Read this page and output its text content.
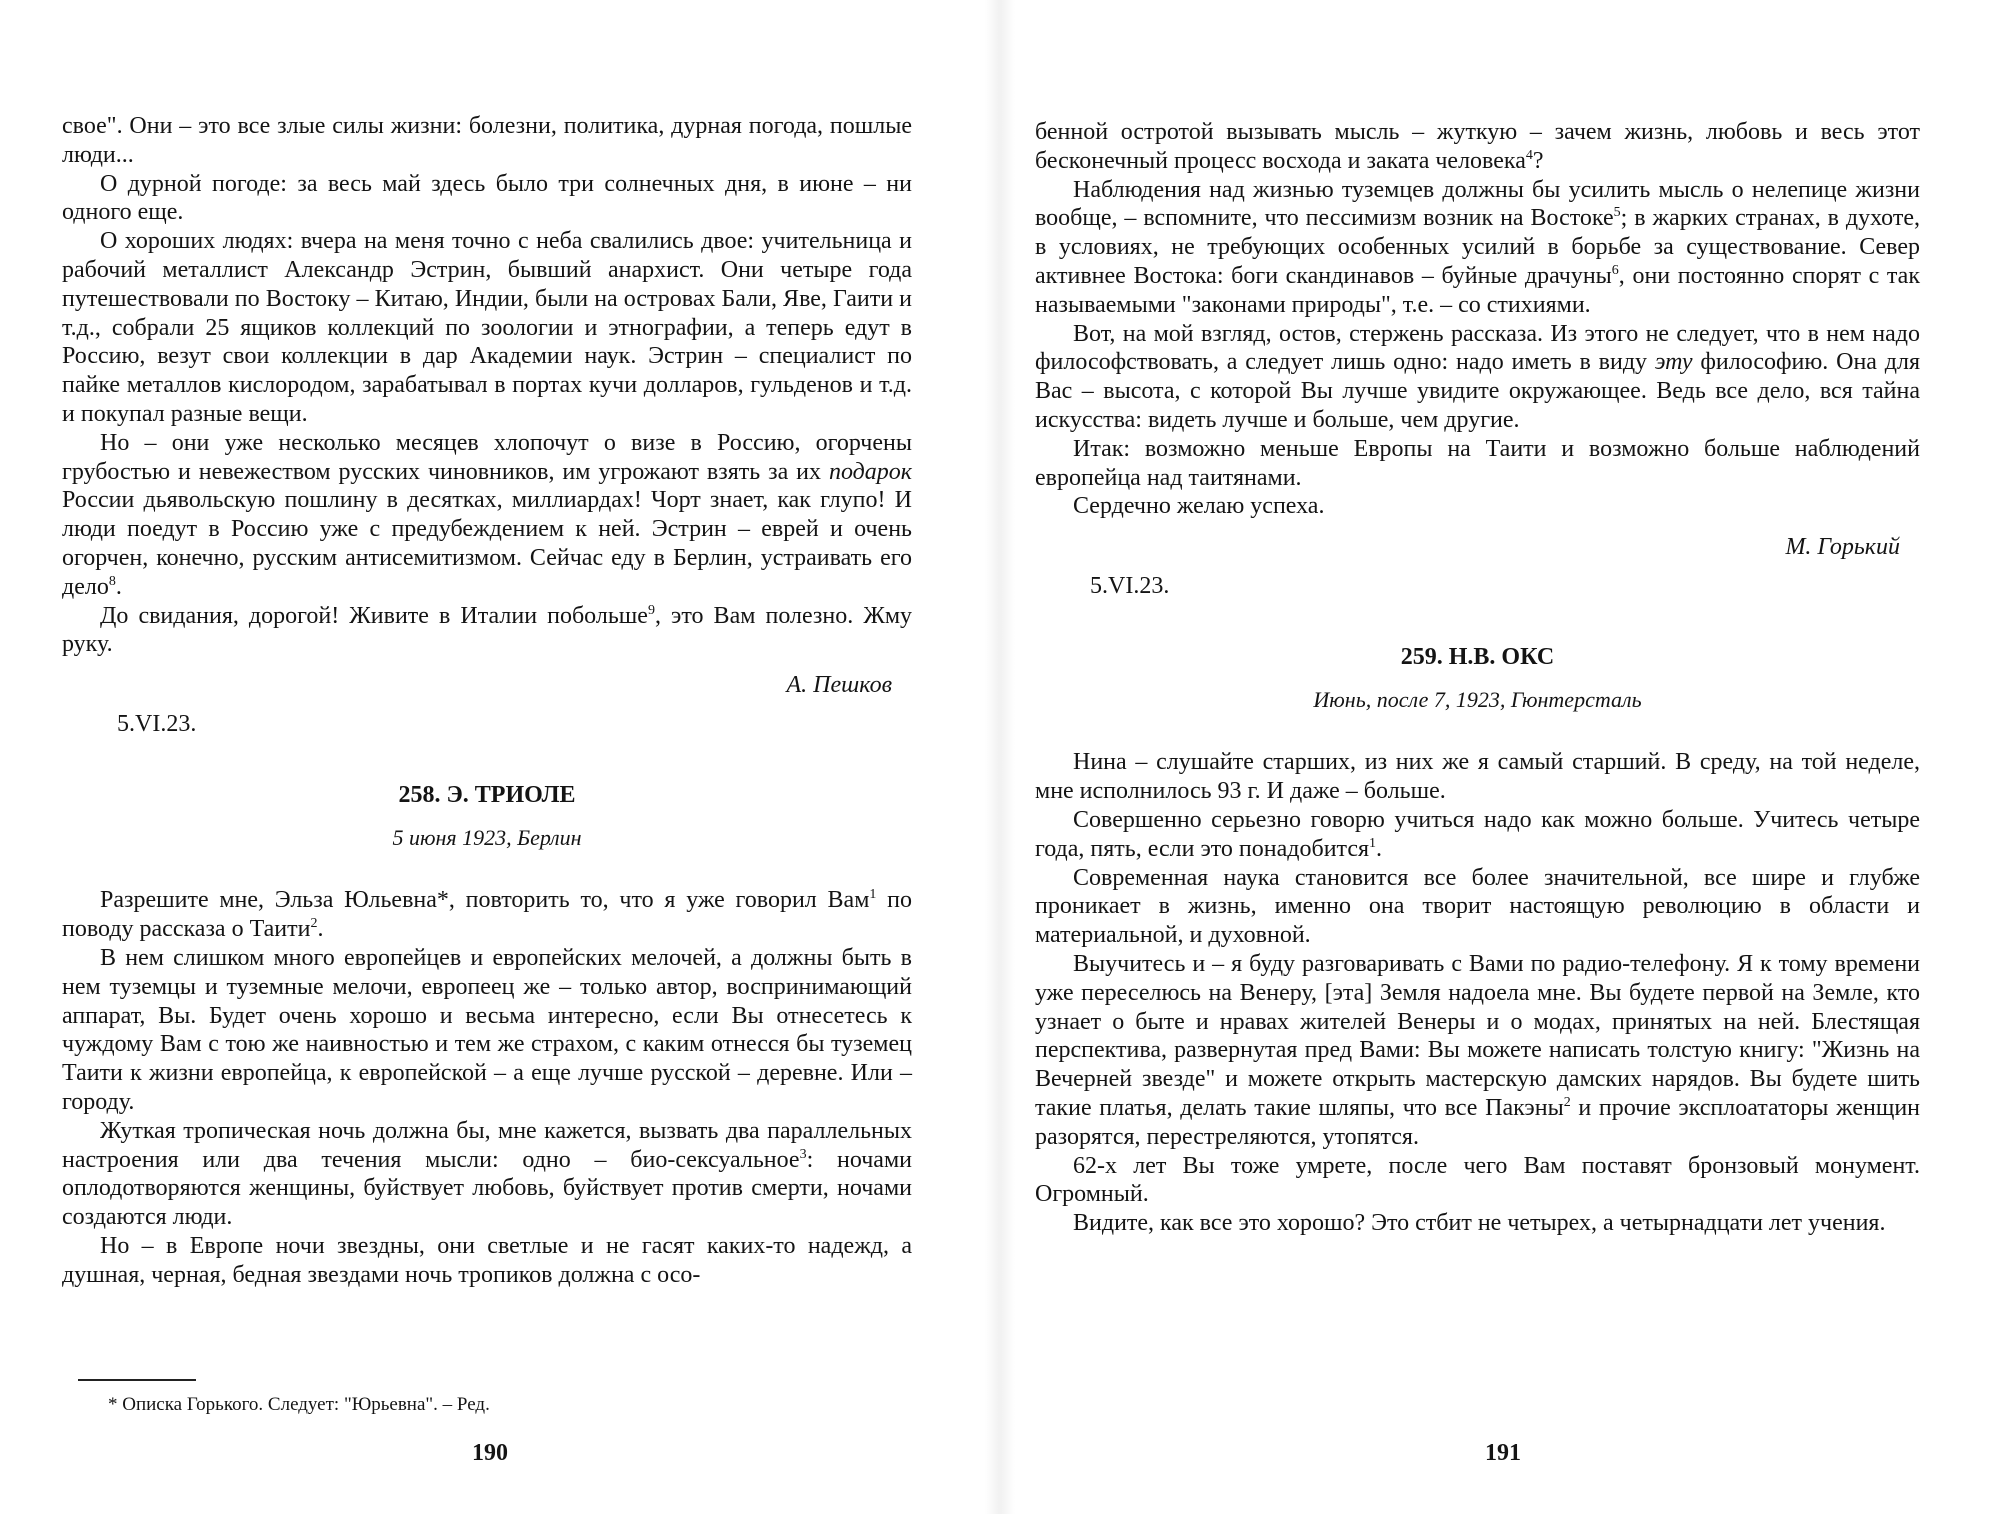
свое". Они – это все злые силы жизни: болезни, политика, дурная погода, пошлые люди...

О дурной погоде: за весь май здесь было три солнечных дня, в июне – ни одного еще.

О хороших людях: вчера на меня точно с неба свалились двое: учительница и рабочий металлист Александр Эстрин, бывший анархист. Они четыре года путешествовали по Востоку – Китаю, Индии, были на островах Бали, Яве, Гаити и т.д., собрали 25 ящиков коллекций по зоологии и этнографии, а теперь едут в Россию, везут свои коллекции в дар Академии наук. Эстрин – специалист по пайке металлов кислородом, зарабатывал в портах кучи долларов, гульденов и т.д. и покупал разные вещи.

Но – они уже несколько месяцев хлопочут о визе в Россию, огорчены грубостью и невежеством русских чиновников, им угрожают взять за их подарок России дьявольскую пошлину в десятках, миллиардах! Чорт знает, как глупо! И люди поедут в Россию уже с предубеждением к ней. Эстрин – еврей и очень огорчен, конечно, русским антисемитизмом. Сейчас еду в Берлин, устраивать его дело$^8$.

До свидания, дорогой! Живите в Италии побольше$^9$, это Вам полезно. Жму руку.

А. Пешков

5.VI.23.

258. Э. ТРИОЛЕ
5 июня 1923, Берлин

Разрешите мне, Эльза Юльевна*, повторить то, что я уже говорил Вам$^1$ по поводу рассказа о Таити$^2$.

В нем слишком много европейцев и европейских мелочей, а должны быть в нем туземцы и туземные мелочи, европеец же – только автор, воспринимающий аппарат, Вы. Будет очень хорошо и весьма интересно, если Вы отнесетесь к чуждому Вам с тою же наивностью и тем же страхом, с каким отнесся бы туземец Таити к жизни европейца, к европейской – а еще лучше русской – деревне. Или – городу.

Жуткая тропическая ночь должна бы, мне кажется, вызвать два параллельных настроения или два течения мысли: одно – био-сексуальное$^3$: ночами оплодотворяются женщины, буйствует любовь, буйствует против смерти, ночами создаются люди.

Но – в Европе ночи звездны, они светлые и не гасят каких-то надежд, а душная, черная, бедная звездами ночь тропиков должна с осо-

* Описка Горького. Следует: "Юрьевна". – Ред.
190

бенной остротой вызывать мысль – жуткую – зачем жизнь, любовь и весь этот бесконечный процесс восхода и заката человека$^4$?

Наблюдения над жизнью туземцев должны бы усилить мысль о нелепице жизни вообще, – вспомните, что пессимизм возник на Востоке$^5$; в жарких странах, в духоте, в условиях, не требующих особенных усилий в борьбе за существование. Север активнее Востока: боги скандинавов – буйные драчуны$^6$, они постоянно спорят с так называемыми "законами природы", т.е. – со стихиями.

Вот, на мой взгляд, остов, стержень рассказа. Из этого не следует, что в нем надо философствовать, а следует лишь одно: надо иметь в виду эту философию. Она для Вас – высота, с которой Вы лучше увидите окружающее. Ведь все дело, вся тайна искусства: видеть лучше и больше, чем другие.

Итак: возможно меньше Европы на Таити и возможно больше наблюдений европейца над таитянами.

Сердечно желаю успеха.

М. Горький

5.VI.23.

259. Н.В. ОКС
Июнь, после 7, 1923, Гюнтерсталь

Нина – слушайте старших, из них же я самый старший. В среду, на той неделе, мне исполнилось 93 г. И даже – больше.

Совершенно серьезно говорю учиться надо как можно больше. Учитесь четыре года, пять, если это понадобится$^1$.

Современная наука становится все более значительной, все шире и глубже проникает в жизнь, именно она творит настоящую революцию в области и материальной, и духовной.

Выучитесь и – я буду разговаривать с Вами по радио-телефону. Я к тому времени уже переселюсь на Венеру, [эта] Земля надоела мне. Вы будете первой на Земле, кто узнает о быте и нравах жителей Венеры и о модах, принятых на ней. Блестящая перспектива, развернутая пред Вами: Вы можете написать толстую книгу: "Жизнь на Вечерней звезде" и можете открыть мастерскую дамских нарядов. Вы будете шить такие платья, делать такие шляпы, что все Пакэны$^2$ и прочие эксплоататоры женщин разорятся, перестреляются, утопятся.

62-х лет Вы тоже умрете, после чего Вам поставят бронзовый монумент. Огромный.

Видите, как все это хорошо? Это стбит не четырех, а четырнадцати лет учения.

191
